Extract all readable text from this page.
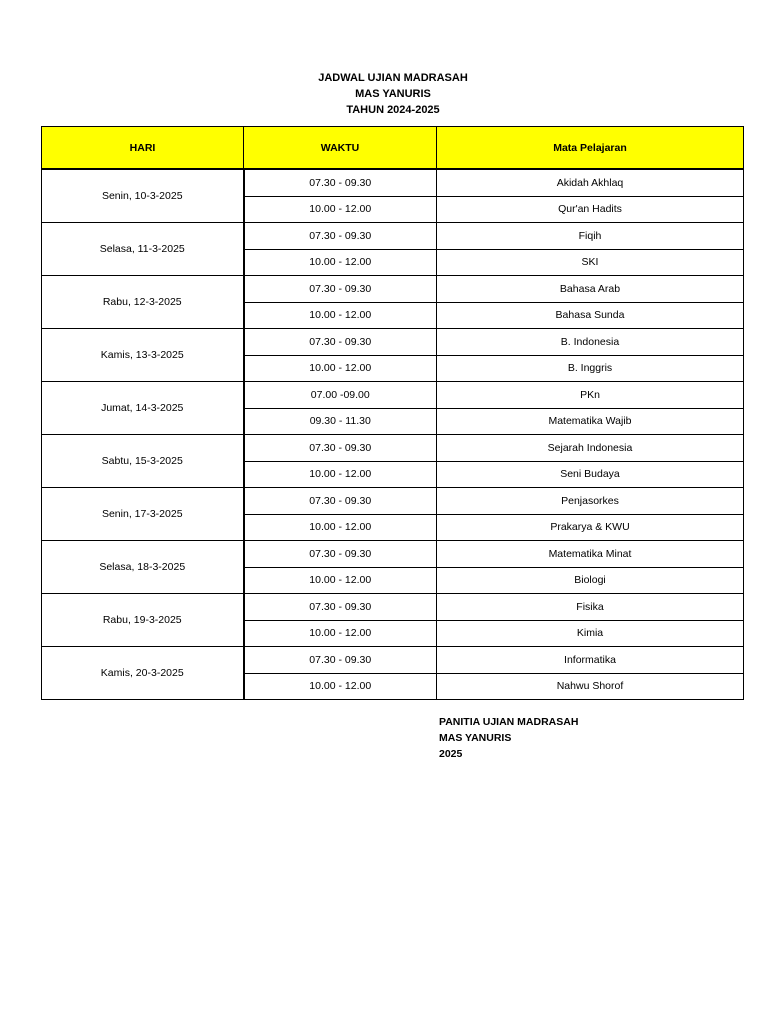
JADWAL UJIAN MADRASAH
MAS YANURIS
TAHUN 2024-2025
HARI	WAKTU	Mata Pelajaran
Senin, 10-3-2025	07.30 - 09.30	Akidah Akhlaq
	10.00 - 12.00	Qur'an Hadits
Selasa, 11-3-2025	07.30 - 09.30	Fiqih
	10.00 - 12.00	SKI
Rabu, 12-3-2025	07.30 - 09.30	Bahasa Arab
	10.00 - 12.00	Bahasa Sunda
Kamis, 13-3-2025	07.30 - 09.30	B. Indonesia
	10.00 - 12.00	B. Inggris
Jumat, 14-3-2025	07.00 -09.00	PKn
	09.30 - 11.30	Matematika Wajib
Sabtu, 15-3-2025	07.30 - 09.30	Sejarah Indonesia
	10.00 - 12.00	Seni Budaya
Senin, 17-3-2025	07.30 - 09.30	Penjasorkes
	10.00 - 12.00	Prakarya & KWU
Selasa, 18-3-2025	07.30 - 09.30	Matematika Minat
	10.00 - 12.00	Biologi
Rabu, 19-3-2025	07.30 - 09.30	Fisika
	10.00 - 12.00	Kimia
Kamis, 20-3-2025	07.30 - 09.30	Informatika
	10.00 - 12.00	Nahwu Shorof
PANITIA UJIAN MADRASAH
MAS YANURIS
2025
